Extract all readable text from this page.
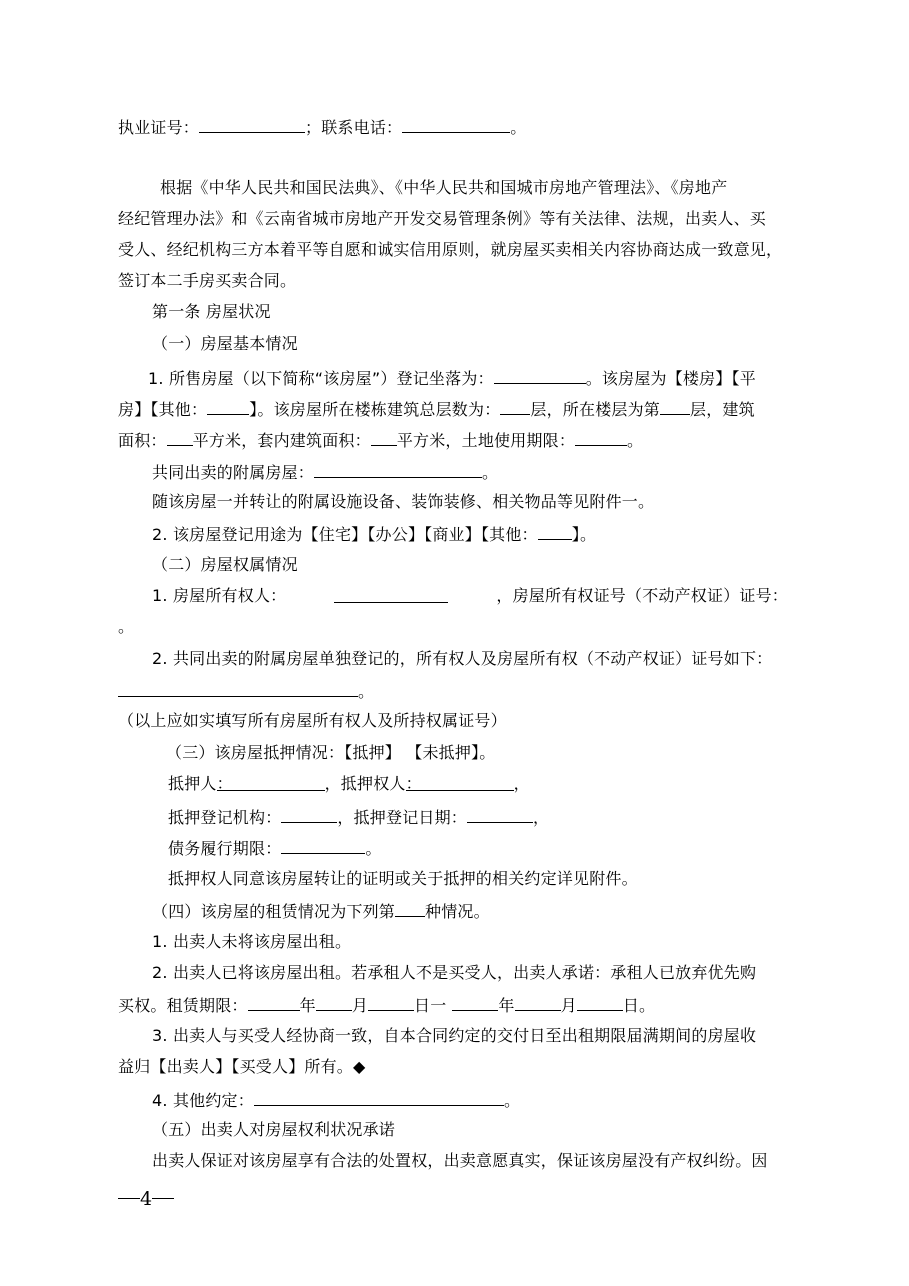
执业证号：	；联系电话：	。

根据《中华人民共和国民法典》、《中华人民共和国城市房地产管理法》、《房地产

经纪管理办法》和《云南省城市房地产开发交易管理条例》等有关法律、法规，出卖人、买

受人、经纪机构三方本着平等自愿和诚实信用原则，就房屋买卖相关内容协商达成一致意见，

签订本二手房买卖合同。

第一条 房屋状况

（一）房屋基本情况

1. 所售房屋（以下简称“该房屋”）登记坐落为：	。该房屋为【楼房】【平

房】【其他：	】。该房屋所在楼栋建筑总层数为： 层，所在楼层为第 层，建筑

面积： 平方米，套内建筑面积： 平方米，土地使用期限：	。

共同出卖的附属房屋：	。

随该房屋一并转让的附属设施设备、装饰装修、相关物品等见附件一。

2. 该房屋登记用途为【住宅】【办公】【商业】【其他： 】。

（二）房屋权属情况

1. 房屋所有权人：	，房屋所有权证号（不动产权证）证号：

。

2. 共同出卖的附属房屋单独登记的，所有权人及房屋所有权（不动产权证）证号如下：

。

（以上应如实填写所有房屋所有权人及所持权属证号）

（三）该房屋抵押情况：【抵押】 【未抵押】。

抵押人：	，抵押权人：	，

抵押登记机构：	，抵押登记日期：	，

债务履行期限：	。

抵押权人同意该房屋转让的证明或关于抵押的相关约定详见附件。

（四）该房屋的租赁情况为下列第 种情况。

1. 出卖人未将该房屋出租。

2. 出卖人已将该房屋出租。若承租人不是买受人，出卖人承诺：承租人已放弃优先购

买权。租赁期限：	年 月	日一	年	月	日。

3. 出卖人与买受人经协商一致，自本合同约定的交付日至出租期限届满期间的房屋收

益归【出卖人】【买受人】所有。◆

4. 其他约定：	。

（五）出卖人对房屋权利状况承诺

出卖人保证对该房屋享有合法的处置权，出卖意愿真实，保证该房屋没有产权纠纷。因

4
